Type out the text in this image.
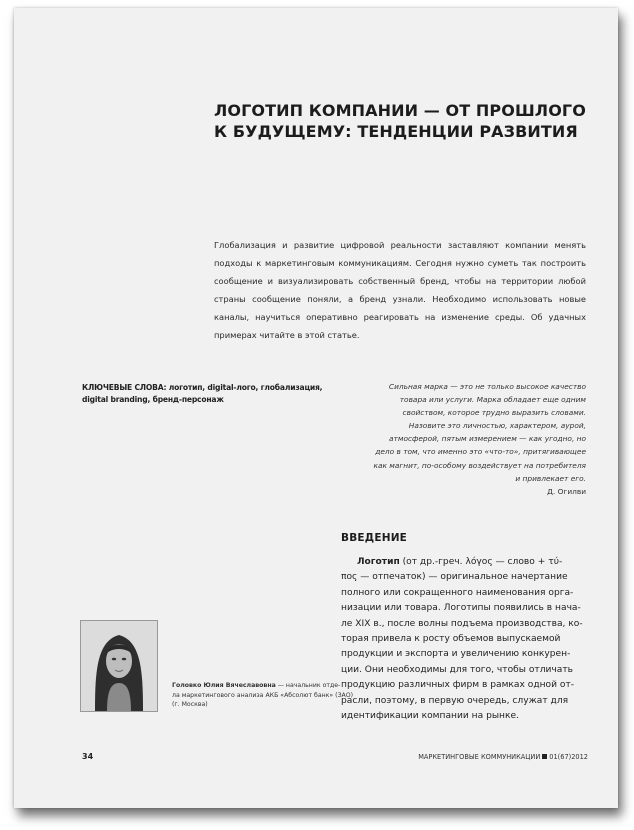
ЛОГОТИП КОМПАНИИ — ОТ ПРОШЛОГО
К БУДУЩЕМУ: ТЕНДЕНЦИИ РАЗВИТИЯ

Глобализация и развитие цифровой реальности заставляют компании менять подходы к маркетинговым коммуникациям. Сегодня нужно суметь так построить сообщение и визуализировать собственный бренд, чтобы на территории любой страны сообщение поняли, а бренд узнали. Необходимо использовать новые каналы, научиться оперативно реагировать на изменение среды. Об удачных примерах читайте в этой статье.

КЛЮЧЕВЫЕ СЛОВА: логотип, digital-лого, глобализация, digital branding, бренд-персонаж

Сильная марка — это не только высокое качество
товара или услуги. Марка обладает еще одним
свойством, которое трудно выразить словами.
Назовите это личностью, характером, аурой,
атмосферой, пятым измерением — как угодно, но
дело в том, что именно это «что-то», притягивающее
как магнит, по-особому воздействует на потребителя
и привлекает его.
Д. Огилви
ВВЕДЕНИЕ
Логотип (от др.-греч. λόγος — слово + τύ-
πος — отпечаток) — оригинальное начертание
полного или сокращенного наименования орга-
низации или товара. Логотипы появились в нача-
ле XIX в., после волны подъема производства, ко-
торая привела к росту объемов выпускаемой
продукции и экспорта и увеличению конкурен-
ции. Они необходимы для того, чтобы отличать
продукцию различных фирм в рамках одной от-
расли, поэтому, в первую очередь, служат для
идентификации компании на рынке.
Головко Юлия Вячеславовна — начальник отде-
ла маркетингового анализа АКБ «Абсолют банк» (ЗАО)
(г. Москва)
34	МАРКЕТИНГОВЫЕ КОММУНИКАЦИИ 01(67)2012
